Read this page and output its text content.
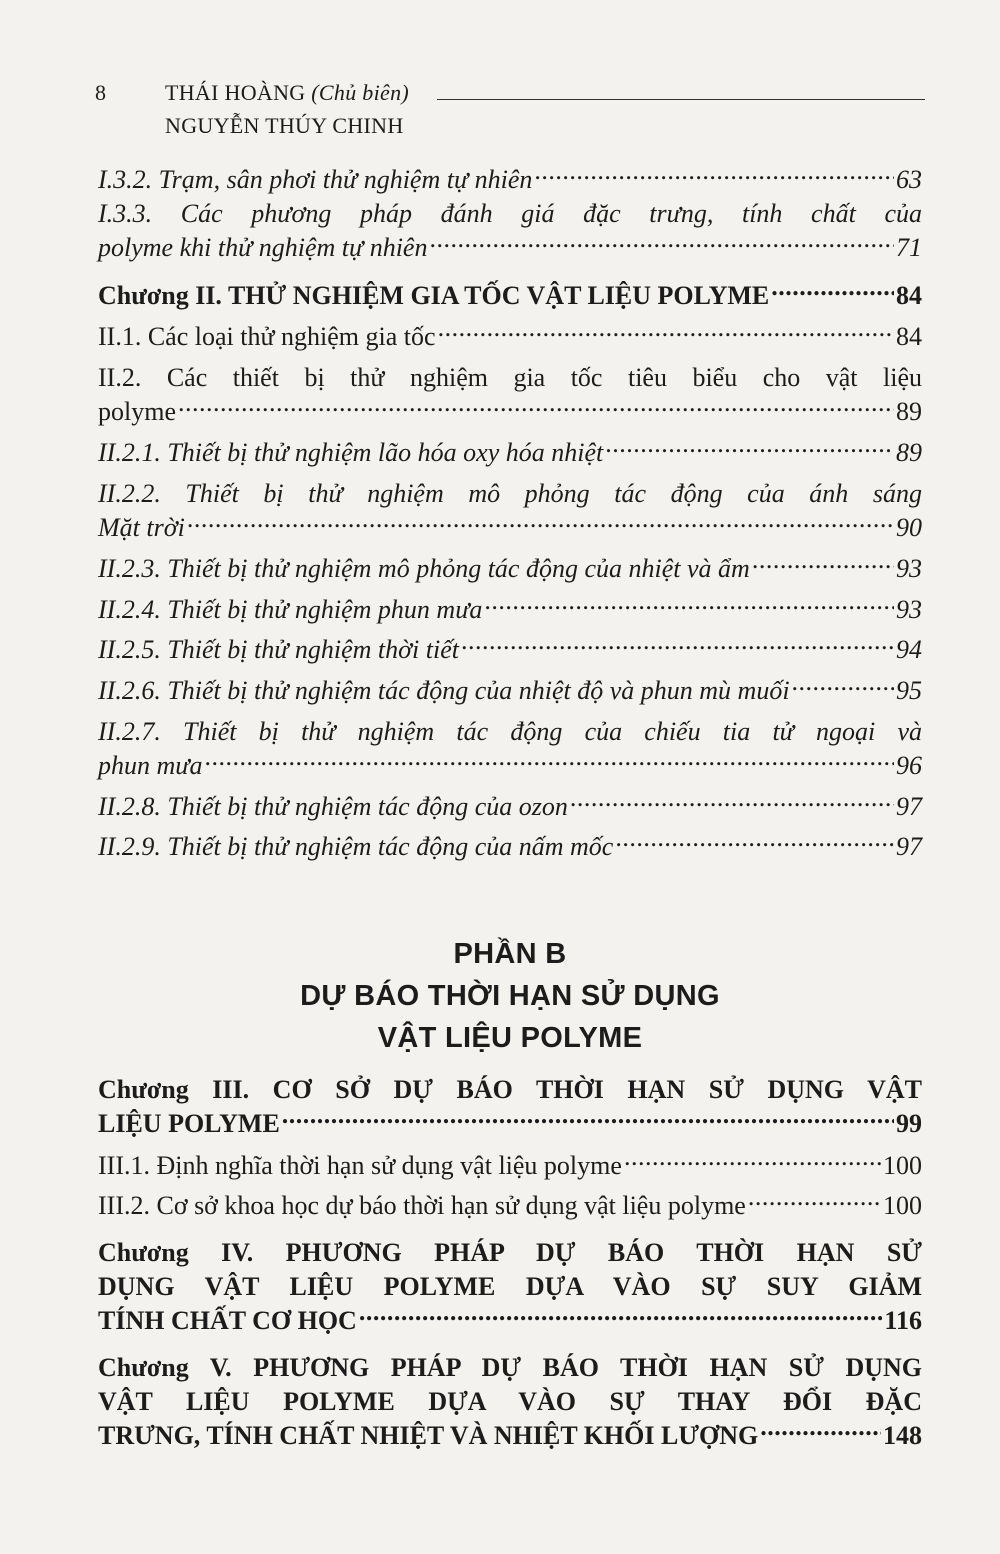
8	THÁI HOÀNG (Chủ biên)
NGUYỄN THÚY CHINH
I.3.2. Trạm, sân phơi thử nghiệm tự nhiên .....	63
I.3.3. Các phương pháp đánh giá đặc trưng, tính chất của
polyme khi thử nghiệm tự nhiên .....	71
Chương II. THỬ NGHIỆM GIA TỐC VẬT LIỆU POLYME .....	84
II.1. Các loại thử nghiệm gia tốc .....	84
II.2. Các thiết bị thử nghiệm gia tốc tiêu biểu cho vật liệu
polyme .....	89
II.2.1. Thiết bị thử nghiệm lão hóa oxy hóa nhiệt .....	89
II.2.2. Thiết bị thử nghiệm mô phỏng tác động của ánh sáng
Mặt trời .....	90
II.2.3. Thiết bị thử nghiệm mô phỏng tác động của nhiệt và ẩm .....	93
II.2.4. Thiết bị thử nghiệm phun mưa .....	93
II.2.5. Thiết bị thử nghiệm thời tiết .....	94
II.2.6. Thiết bị thử nghiệm tác động của nhiệt độ và phun mù muối .....	95
II.2.7. Thiết bị thử nghiệm tác động của chiếu tia tử ngoại và
phun mưa .....	96
II.2.8. Thiết bị thử nghiệm tác động của ozon .....	97
II.2.9. Thiết bị thử nghiệm tác động của nấm mốc .....	97
PHẦN B
DỰ BÁO THỜI HẠN SỬ DỤNG
VẬT LIỆU POLYME
Chương III. CƠ SỞ DỰ BÁO THỜI HẠN SỬ DỤNG VẬT
LIỆU POLYME .....	99
III.1. Định nghĩa thời hạn sử dụng vật liệu polyme .....	100
III.2. Cơ sở khoa học dự báo thời hạn sử dụng vật liệu polyme .....	100
Chương IV. PHƯƠNG PHÁP DỰ BÁO THỜI HẠN SỬ
DỤNG VẬT LIỆU POLYME DỰA VÀO SỰ SUY GIẢM
TÍNH CHẤT CƠ HỌC .....	116
Chương V. PHƯƠNG PHÁP DỰ BÁO THỜI HẠN SỬ DỤNG
VẬT LIỆU POLYME DỰA VÀO SỰ THAY ĐỔI ĐẶC
TRƯNG, TÍNH CHẤT NHIỆT VÀ NHIỆT KHỐI LƯỢNG .....	148
